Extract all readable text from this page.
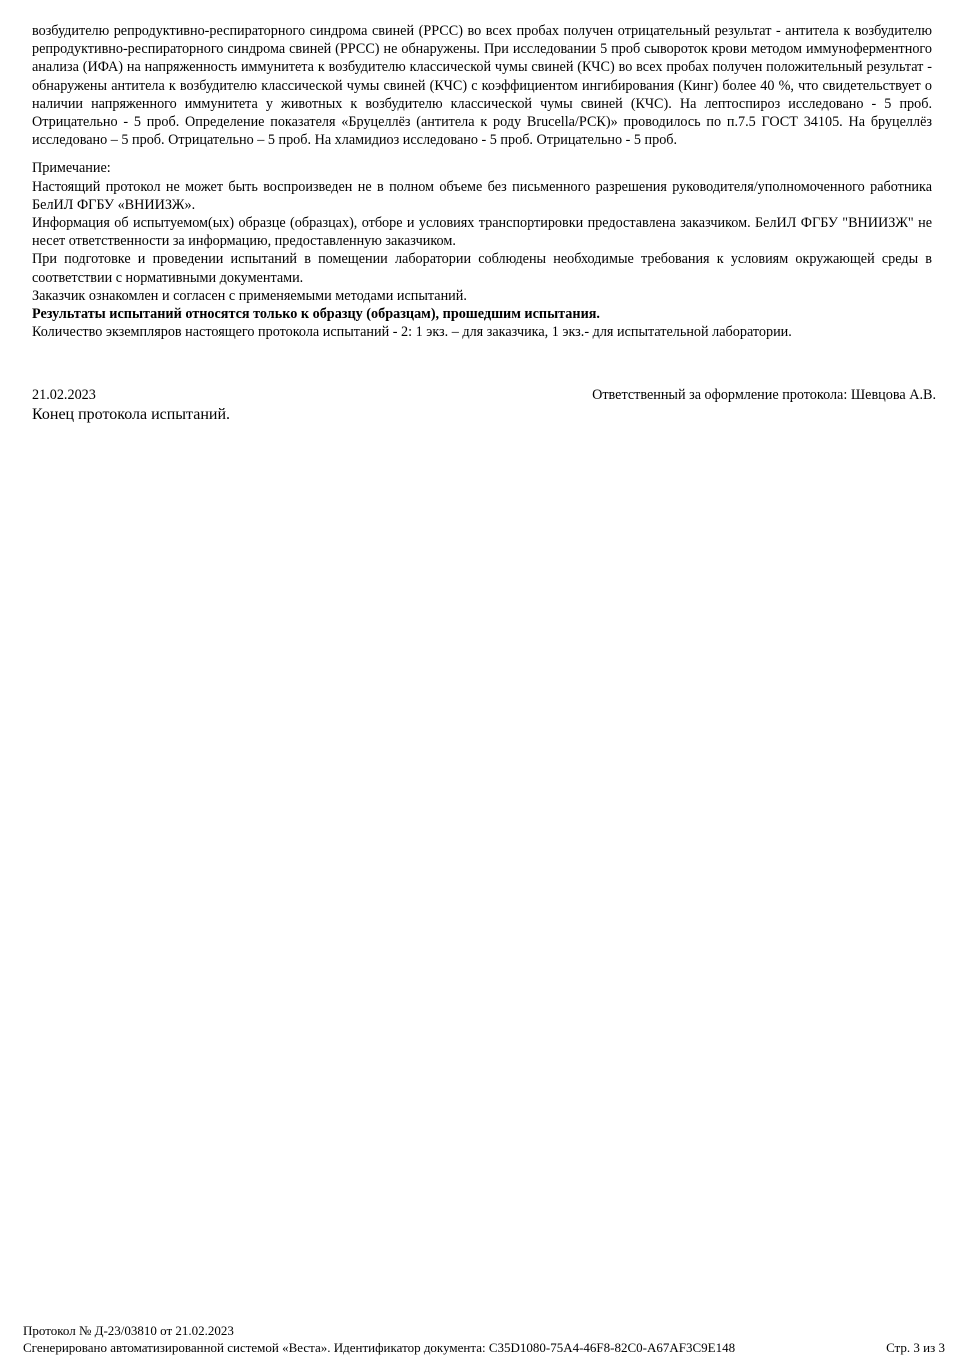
возбудителю репродуктивно-респираторного синдрома свиней (РРСС) во всех пробах получен отрицательный результат - антитела к возбудителю репродуктивно-респираторного синдрома свиней (РРСС) не обнаружены. При исследовании 5 проб сывороток крови методом иммуноферментного анализа (ИФА) на напряженность иммунитета к возбудителю классической чумы свиней (КЧС) во всех пробах получен положительный результат - обнаружены антитела к возбудителю классической чумы свиней (КЧС) с коэффициентом ингибирования (Кинг) более 40 %, что свидетельствует о наличии напряженного иммунитета у животных к возбудителю классической чумы свиней (КЧС). На лептоспироз исследовано - 5 проб. Отрицательно - 5 проб. Определение показателя «Бруцеллёз (антитела к роду Brucella/РСК)» проводилось по п.7.5 ГОСТ 34105. На бруцеллёз исследовано – 5 проб. Отрицательно – 5 проб. На хламидиоз исследовано - 5 проб. Отрицательно - 5 проб.

Примечание:

Настоящий протокол не может быть воспроизведен не в полном объеме без письменного разрешения руководителя/уполномоченного работника БелИЛ ФГБУ «ВНИИЗЖ».

Информация об испытуемом(ых) образце (образцах), отборе и условиях транспортировки предоставлена заказчиком. БелИЛ ФГБУ "ВНИИЗЖ" не несет ответственности за информацию, предоставленную заказчиком.

При подготовке и проведении испытаний в помещении лаборатории соблюдены необходимые требования к условиям окружающей среды в соответствии с нормативными документами.

Заказчик ознакомлен и согласен с применяемыми методами испытаний.

Результаты испытаний относятся только к образцу (образцам), прошедшим испытания.

Количество экземпляров настоящего протокола испытаний - 2: 1 экз. – для заказчика, 1 экз.- для испытательной лаборатории.

21.02.2023	Ответственный за оформление протокола: Шевцова А.В.
Конец протокола испытаний.
Протокол № Д-23/03810 от 21.02.2023
Сгенерировано автоматизированной системой «Веста». Идентификатор документа: C35D1080-75A4-46F8-82C0-A67AF3C9E148	Стр. 3 из 3
